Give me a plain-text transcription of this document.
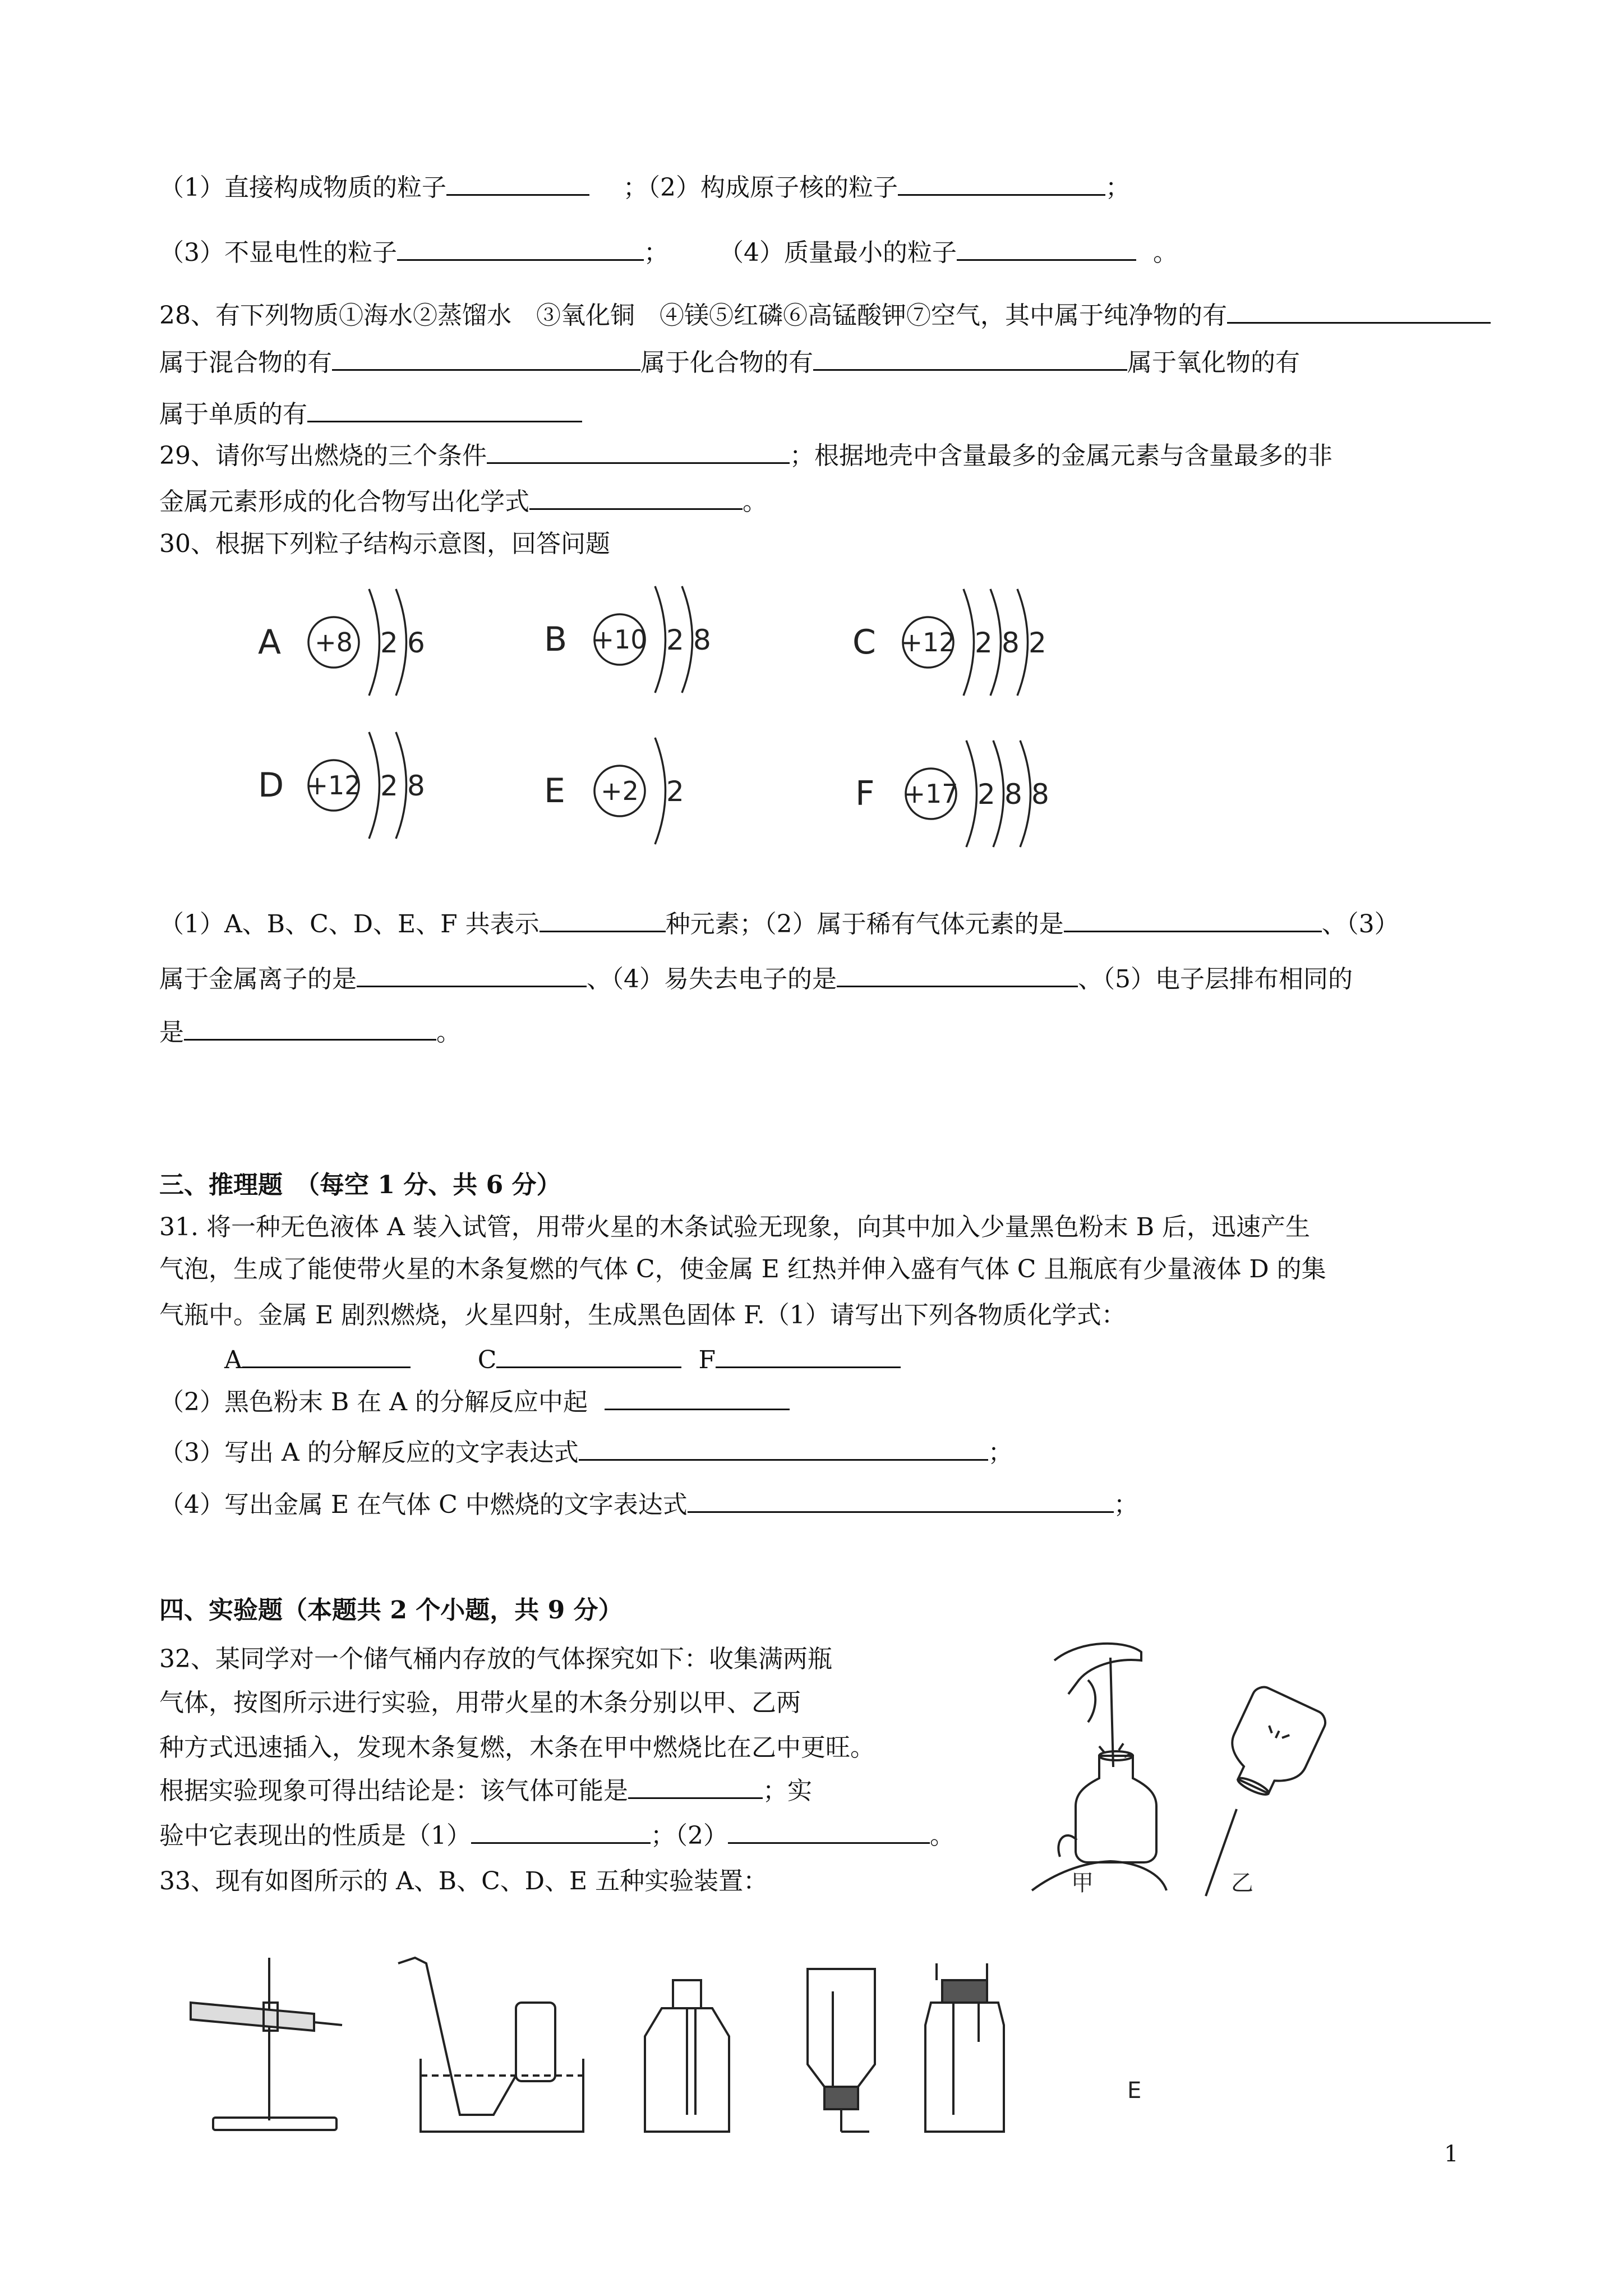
（1）直接构成物质的粒子	；（2）构成原子核的粒子	；
（3）不显电性的粒子	； （4）质量最小的粒子	。
28、有下列物质①海水②蒸馏水　③氧化铜　④镁⑤红磷⑥高锰酸钾⑦空气，其中属于纯净物的有
属于混合物的有	属于化合物的有	属于氧化物的有
属于单质的有
29、请你写出燃烧的三个条件	；根据地壳中含量最多的金属元素与含量最多的非
金属元素形成的化合物写出化学式	。
30、根据下列粒子结构示意图，回答问题
A +8 2 6	B +10 2 8	C +12 2 8 2
D +12 2 8	E +2 2	F +17 2 8 8
（1）A、B、C、D、E、F 共表示	种元素；（2）属于稀有气体元素的是	、（3）
属于金属离子的是	、（4）易失去电子的是	、（5）电子层排布相同的
是	。
三、推理题　（每空 1 分、共 6 分）
31. 将一种无色液体 A 装入试管，用带火星的木条试验无现象，向其中加入少量黑色粉末 B 后，迅速产生
气泡，生成了能使带火星的木条复燃的气体 C，使金属 E 红热并伸入盛有气体 C 且瓶底有少量液体 D 的集
气瓶中。金属 E 剧烈燃烧，火星四射，生成黑色固体 F.（1）请写出下列各物质化学式：
A	C	F
（2）黑色粉末 B 在 A 的分解反应中起
（3）写出 A 的分解反应的文字表达式	；
（4）写出金属 E 在气体 C 中燃烧的文字表达式	；
四、实验题（本题共 2 个小题，共 9 分）
32、某同学对一个储气桶内存放的气体探究如下：收集满两瓶
气体，按图所示进行实验，用带火星的木条分别以甲、乙两
种方式迅速插入，发现木条复燃，木条在甲中燃烧比在乙中更旺。
根据实验现象可得出结论是：该气体可能是	；实
验中它表现出的性质是（1）	；（2）	。
33、现有如图所示的 A、B、C、D、E 五种实验装置：	甲	乙
E
1
